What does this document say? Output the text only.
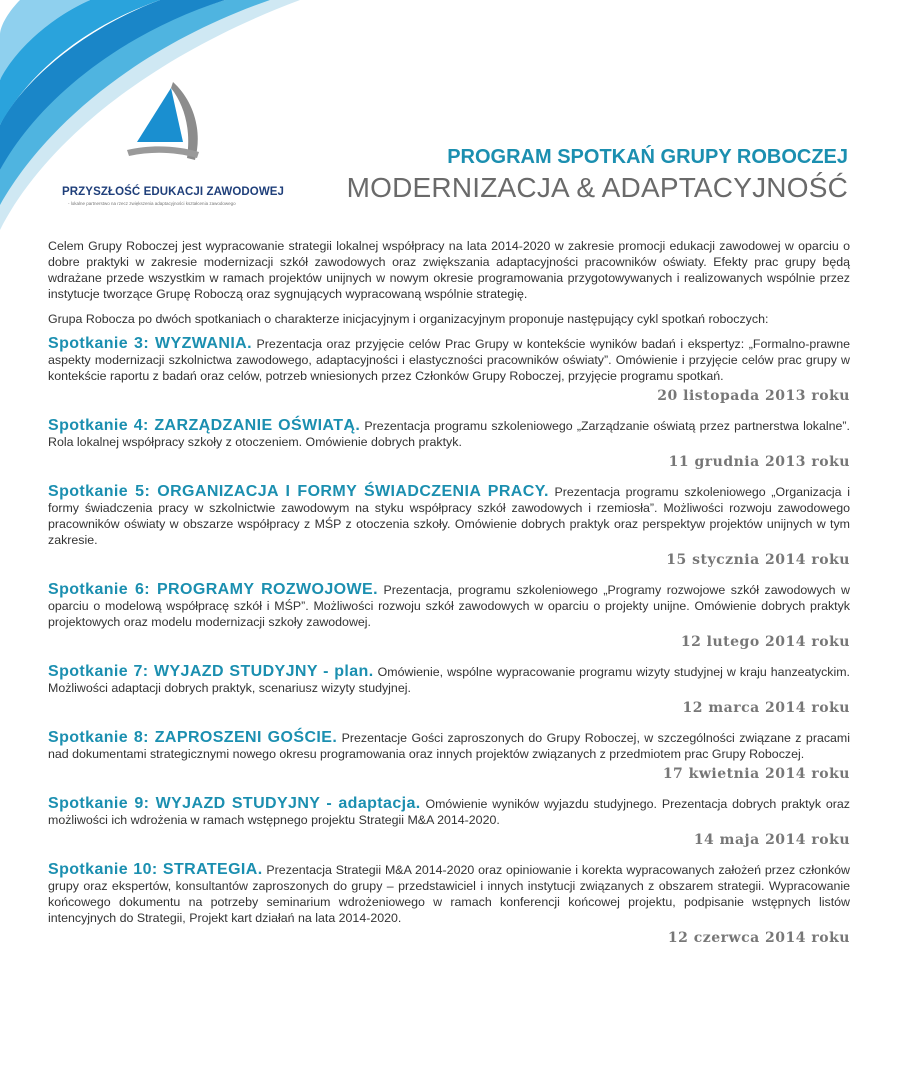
PRZYSZŁOŚĆ EDUKACJI ZAWODOWEJ
- lokalne partnerstwo na rzecz zwiększenia adaptacyjności kształcenia zawodowego
PROGRAM SPOTKAŃ GRUPY ROBOCZEJ
MODERNIZACJA & ADAPTACYJNOŚĆ

Celem Grupy Roboczej jest wypracowanie strategii lokalnej współpracy na lata 2014-2020 w zakresie promocji edukacji zawodowej w oparciu o dobre praktyki w zakresie modernizacji szkół zawodowych oraz zwiększania adaptacyjności pracowników oświaty. Efekty prac grupy będą wdrażane przede wszystkim w ramach projektów unijnych w nowym okresie programowania przygotowywanych i realizowanych wspólnie przez instytucje tworzące Grupę Roboczą oraz sygnujących wypracowaną wspólnie strategię.

Grupa Robocza po dwóch spotkaniach o charakterze inicjacyjnym i organizacyjnym proponuje następujący cykl spotkań roboczych:

Spotkanie 3: WYZWANIA. Prezentacja oraz przyjęcie celów Prac Grupy w kontekście wyników badań i ekspertyz: „Formalno-prawne aspekty modernizacji szkolnictwa zawodowego, adaptacyjności i elastyczności pracowników oświaty”. Omówienie i przyjęcie celów prac grupy w kontekście raportu z badań oraz celów, potrzeb wniesionych przez Członków Grupy Roboczej, przyjęcie programu spotkań.
20 listopada 2013 roku
Spotkanie 4: ZARZĄDZANIE OŚWIATĄ. Prezentacja programu szkoleniowego „Zarządzanie oświatą przez partnerstwa lokalne”. Rola lokalnej współpracy szkoły z otoczeniem. Omówienie dobrych praktyk.
11 grudnia 2013 roku
Spotkanie 5: ORGANIZACJA I FORMY ŚWIADCZENIA PRACY. Prezentacja programu szkoleniowego „Organizacja i formy świadczenia pracy w szkolnictwie zawodowym na styku współpracy szkół zawodowych i rzemiosła”. Możliwości rozwoju zawodowego pracowników oświaty w obszarze współpracy z MŚP z otoczenia szkoły. Omówienie dobrych praktyk oraz perspektyw projektów unijnych w tym zakresie.
15 stycznia 2014 roku
Spotkanie 6: PROGRAMY ROZWOJOWE. Prezentacja, programu szkoleniowego „Programy rozwojowe szkół zawodowych w oparciu o modelową współpracę szkół i MŚP”. Możliwości rozwoju szkół zawodowych w oparciu o projekty unijne. Omówienie dobrych praktyk projektowych oraz modelu modernizacji szkoły zawodowej.
12 lutego 2014 roku
Spotkanie 7: WYJAZD STUDYJNY - plan. Omówienie, wspólne wypracowanie programu wizyty studyjnej w kraju hanzeatyckim. Możliwości adaptacji dobrych praktyk, scenariusz wizyty studyjnej.
12 marca 2014 roku
Spotkanie 8: ZAPROSZENI GOŚCIE. Prezentacje Gości zaproszonych do Grupy Roboczej, w szczególności związane z pracami nad dokumentami strategicznymi nowego okresu programowania oraz innych projektów związanych z przedmiotem prac Grupy Roboczej.
17 kwietnia 2014 roku
Spotkanie 9: WYJAZD STUDYJNY - adaptacja. Omówienie wyników wyjazdu studyjnego. Prezentacja dobrych praktyk oraz możliwości ich wdrożenia w ramach wstępnego projektu Strategii M&A 2014-2020.
14 maja 2014 roku
Spotkanie 10: STRATEGIA. Prezentacja Strategii M&A 2014-2020 oraz opiniowanie i korekta wypracowanych założeń przez członków grupy oraz ekspertów, konsultantów zaproszonych do grupy – przedstawiciel i innych instytucji związanych z obszarem strategii. Wypracowanie końcowego dokumentu na potrzeby seminarium wdrożeniowego w ramach konferencji końcowej projektu, podpisanie wstępnych listów intencyjnych do Strategii, Projekt kart działań na lata 2014-2020.
12 czerwca 2014 roku
